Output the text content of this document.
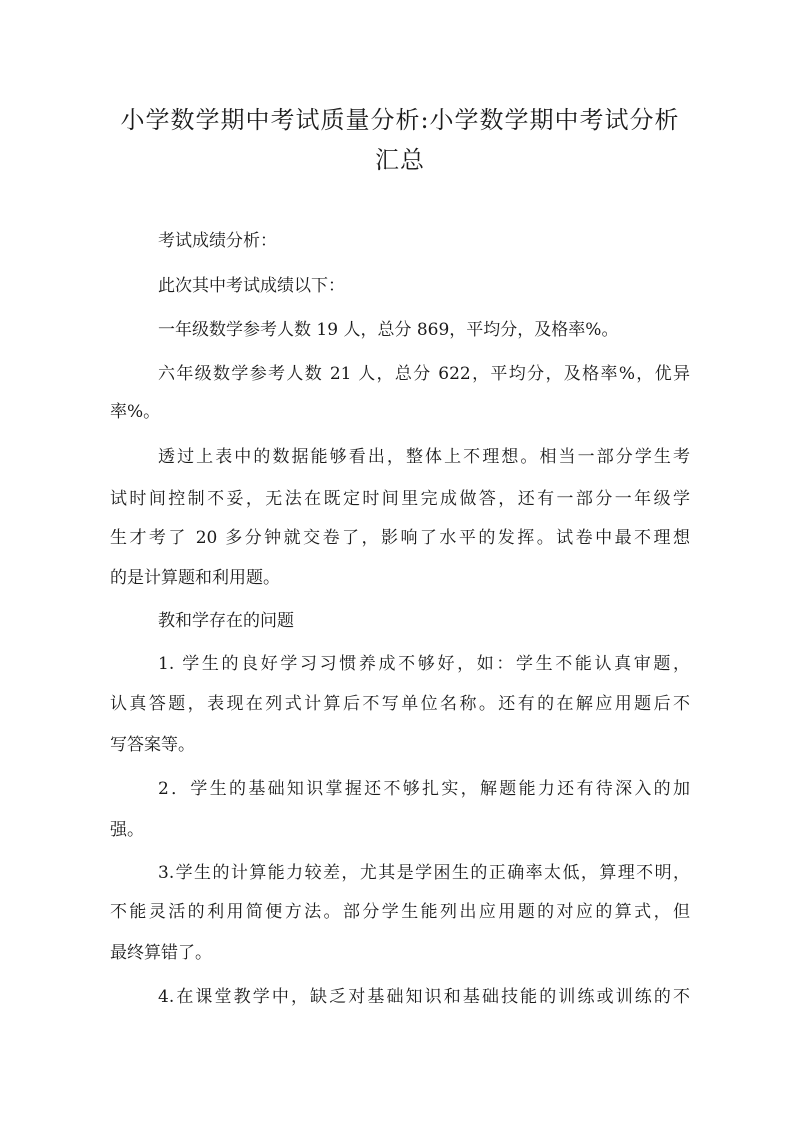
小学数学期中考试质量分析:小学数学期中考试分析
汇总

考试成绩分析：

此次其中考试成绩以下：

一年级数学参考人数 19 人，总分 869，平均分，及格率%。

六年级数学参考人数 21 人，总分 622，平均分，及格率%，优异

率%。

透过上表中的数据能够看出，整体上不理想。相当一部分学生考

试时间控制不妥，无法在既定时间里完成做答，还有一部分一年级学

生才考了 20 多分钟就交卷了，影响了水平的发挥。试卷中最不理想

的是计算题和利用题。

教和学存在的问题

1. 学生的良好学习习惯养成不够好，如：学生不能认真审题，

认真答题，表现在列式计算后不写单位名称。还有的在解应用题后不

写答案等。

2．学生的基础知识掌握还不够扎实，解题能力还有待深入的加

强。

3.学生的计算能力较差，尤其是学困生的正确率太低，算理不明，

不能灵活的利用简便方法。部分学生能列出应用题的对应的算式，但

最终算错了。

4.在课堂教学中，缺乏对基础知识和基础技能的训练或训练的不
